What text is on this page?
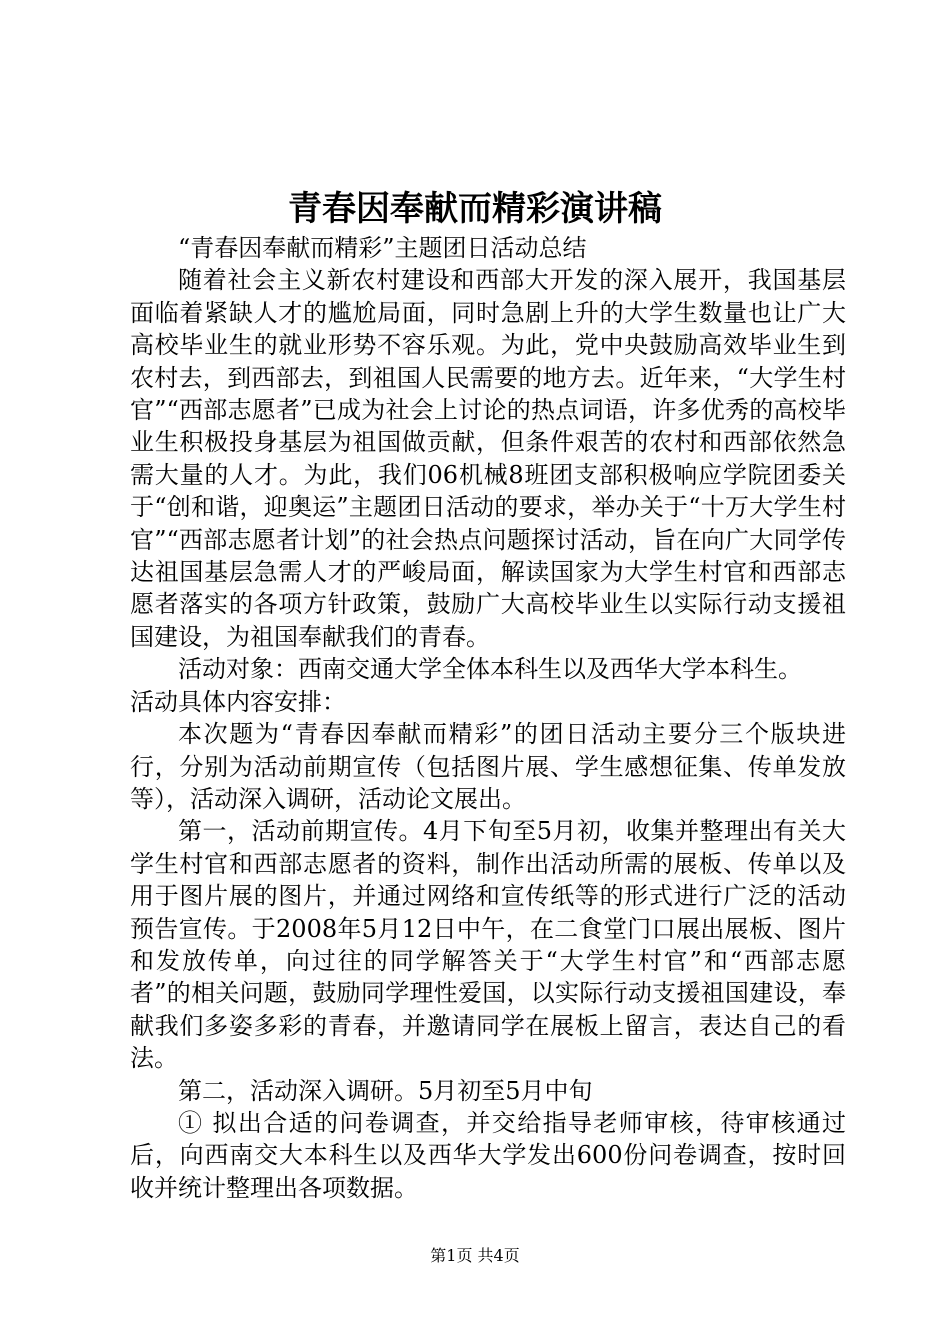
青春因奉献而精彩演讲稿

“青春因奉献而精彩”主题团日活动总结

随着社会主义新农村建设和西部大开发的深入展开，我国基层面临着紧缺人才的尴尬局面，同时急剧上升的大学生数量也让广大高校毕业生的就业形势不容乐观。为此，党中央鼓励高效毕业生到农村去，到西部去，到祖国人民需要的地方去。近年来，“大学生村官”“西部志愿者”已成为社会上讨论的热点词语，许多优秀的高校毕业生积极投身基层为祖国做贡献，但条件艰苦的农村和西部依然急需大量的人才。为此，我们06机械8班团支部积极响应学院团委关于“创和谐，迎奥运”主题团日活动的要求，举办关于“十万大学生村官”“西部志愿者计划”的社会热点问题探讨活动，旨在向广大同学传达祖国基层急需人才的严峻局面，解读国家为大学生村官和西部志愿者落实的各项方针政策，鼓励广大高校毕业生以实际行动支援祖国建设，为祖国奉献我们的青春。

活动对象：西南交通大学全体本科生以及西华大学本科生。

活动具体内容安排：

本次题为“青春因奉献而精彩”的团日活动主要分三个版块进行，分别为活动前期宣传（包括图片展、学生感想征集、传单发放等），活动深入调研，活动论文展出。

第一，活动前期宣传。4月下旬至5月初，收集并整理出有关大学生村官和西部志愿者的资料，制作出活动所需的展板、传单以及用于图片展的图片，并通过网络和宣传纸等的形式进行广泛的活动预告宣传。于2008年5月12日中午，在二食堂门口展出展板、图片和发放传单，向过往的同学解答关于“大学生村官”和“西部志愿者”的相关问题，鼓励同学理性爱国，以实际行动支援祖国建设，奉献我们多姿多彩的青春，并邀请同学在展板上留言，表达自己的看法。

第二，活动深入调研。5月初至5月中旬

① 拟出合适的问卷调查，并交给指导老师审核，待审核通过后，向西南交大本科生以及西华大学发出600份问卷调查，按时回收并统计整理出各项数据。

第1页 共4页
